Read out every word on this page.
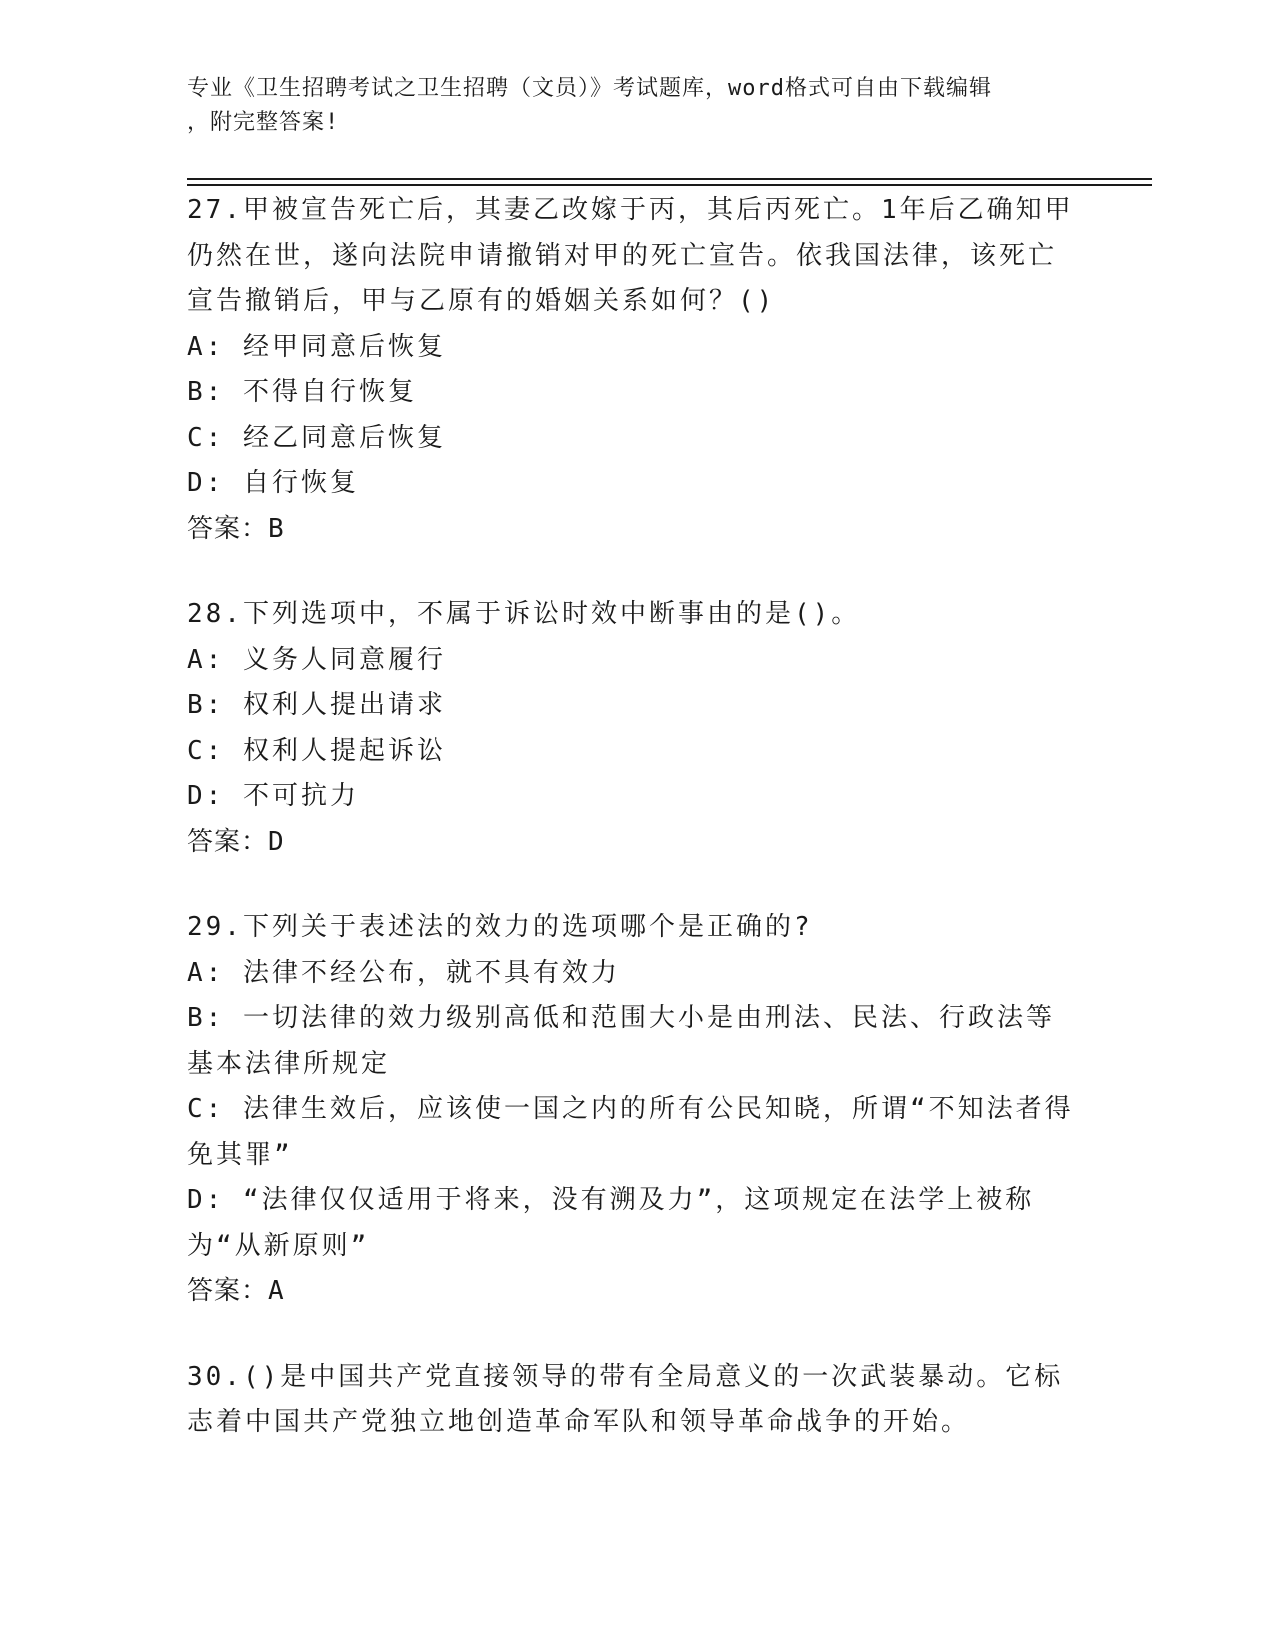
专业《卫生招聘考试之卫生招聘（文员）》考试题库，word格式可自由下载编辑
，附完整答案!

27.甲被宣告死亡后，其妻乙改嫁于丙，其后丙死亡。1年后乙确知甲仍然在世，遂向法院申请撤销对甲的死亡宣告。依我国法律，该死亡宣告撤销后，甲与乙原有的婚姻关系如何？()

A: 经甲同意后恢复

B: 不得自行恢复

C: 经乙同意后恢复

D: 自行恢复

答案：B

28.下列选项中，不属于诉讼时效中断事由的是()。

A: 义务人同意履行

B: 权利人提出请求

C: 权利人提起诉讼

D: 不可抗力

答案：D

29.下列关于表述法的效力的选项哪个是正确的?

A: 法律不经公布，就不具有效力

B: 一切法律的效力级别高低和范围大小是由刑法、民法、行政法等基本法律所规定

C: 法律生效后，应该使一国之内的所有公民知晓，所谓“不知法者得免其罪”

D: “法律仅仅适用于将来，没有溯及力”，这项规定在法学上被称为“从新原则”

答案：A

30.()是中国共产党直接领导的带有全局意义的一次武装暴动。它标志着中国共产党独立地创造革命军队和领导革命战争的开始。
